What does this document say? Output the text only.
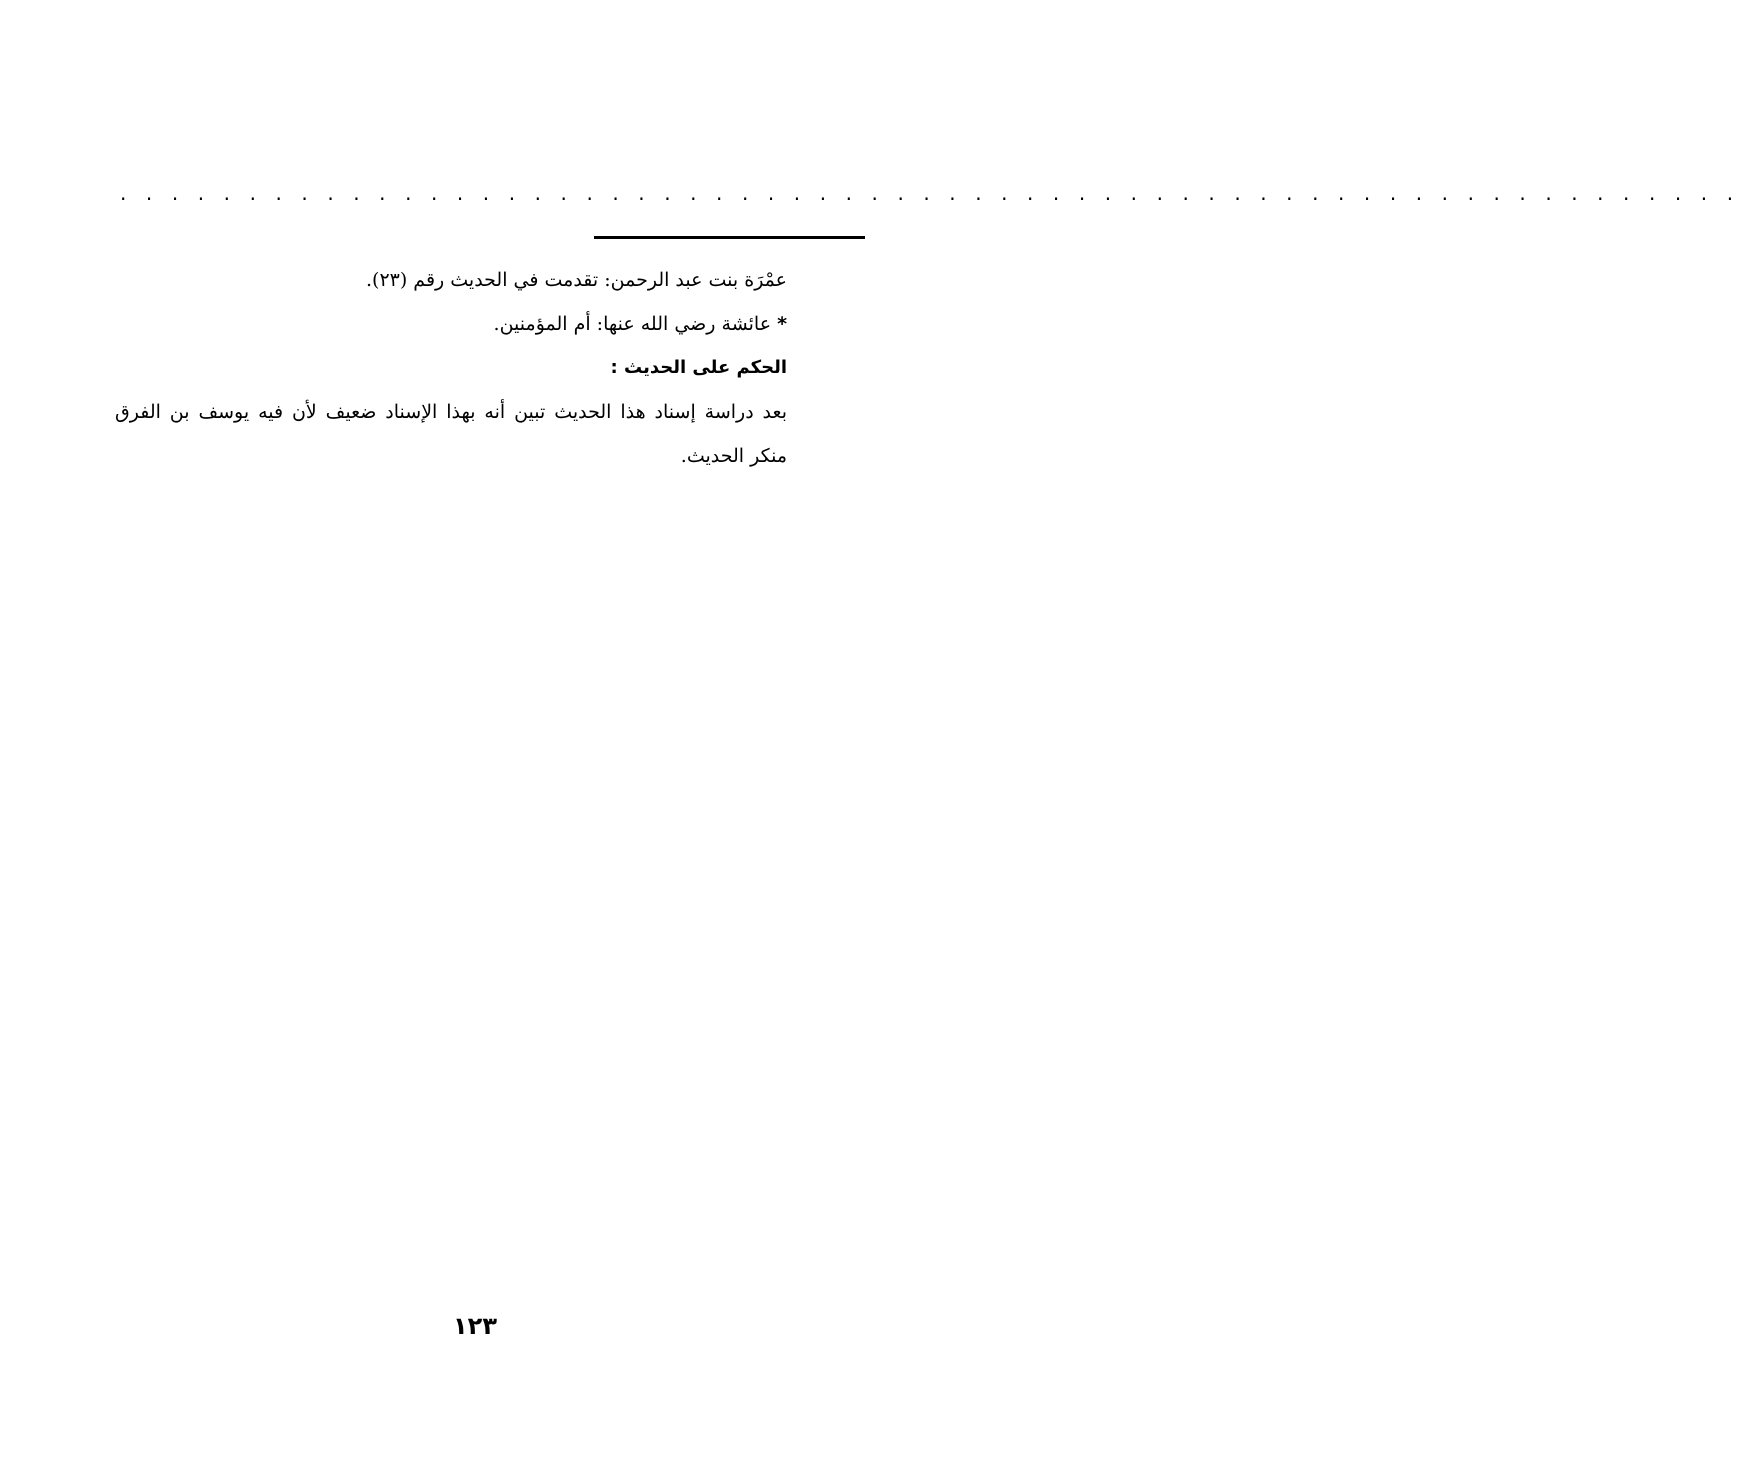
. . . . . . . . . . . . . . . . . . . . . . . . . . . . . . . . . . . . . . . . . . . . . . . . . . . . . . . . . . . . . . .
عمْرَة بنت عبد الرحمن: تقدمت في الحديث رقم (٢٣).
*عائشة رضي الله عنها: أم المؤمنين.
الحكم على الحديث :
بعد دراسة إسناد هذا الحديث تبين أنه بهذا الإسناد ضعيف لأن فيه يوسف بن الفرق منكر الحديث.
١٢٣
